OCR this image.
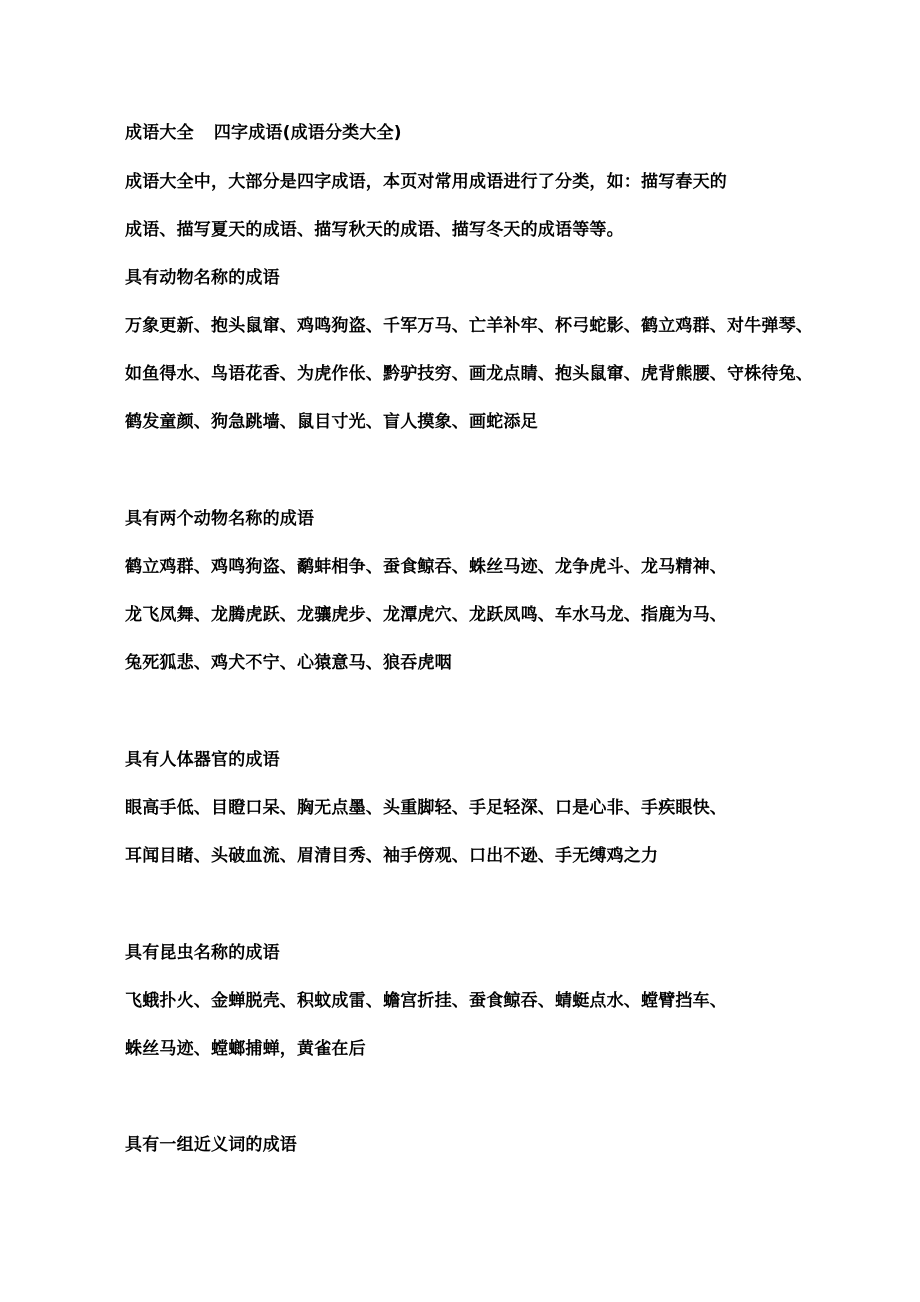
成语大全 四字成语(成语分类大全)
成语大全中，大部分是四字成语，本页对常用成语进行了分类，如：描写春天的
成语、描写夏天的成语、描写秋天的成语、描写冬天的成语等等。
具有动物名称的成语
万象更新、抱头鼠窜、鸡鸣狗盗、千军万马、亡羊补牢、杯弓蛇影、鹤立鸡群、对牛弹琴、
如鱼得水、鸟语花香、为虎作伥、黔驴技穷、画龙点睛、抱头鼠窜、虎背熊腰、守株待兔、
鹤发童颜、狗急跳墙、鼠目寸光、盲人摸象、画蛇添足
具有两个动物名称的成语
鹤立鸡群、鸡鸣狗盗、鹬蚌相争、蚕食鲸吞、蛛丝马迹、龙争虎斗、龙马精神、
龙飞凤舞、龙腾虎跃、龙骧虎步、龙潭虎穴、龙跃凤鸣、车水马龙、指鹿为马、
兔死狐悲、鸡犬不宁、心猿意马、狼吞虎咽
具有人体器官的成语
眼高手低、目瞪口呆、胸无点墨、头重脚轻、手足轻深、口是心非、手疾眼快、
耳闻目睹、头破血流、眉清目秀、袖手傍观、口出不逊、手无缚鸡之力
具有昆虫名称的成语
飞蛾扑火、金蝉脱壳、积蚊成雷、蟾宫折挂、蚕食鲸吞、蜻蜓点水、螳臂挡车、
蛛丝马迹、螳螂捕蝉，黄雀在后
具有一组近义词的成语
